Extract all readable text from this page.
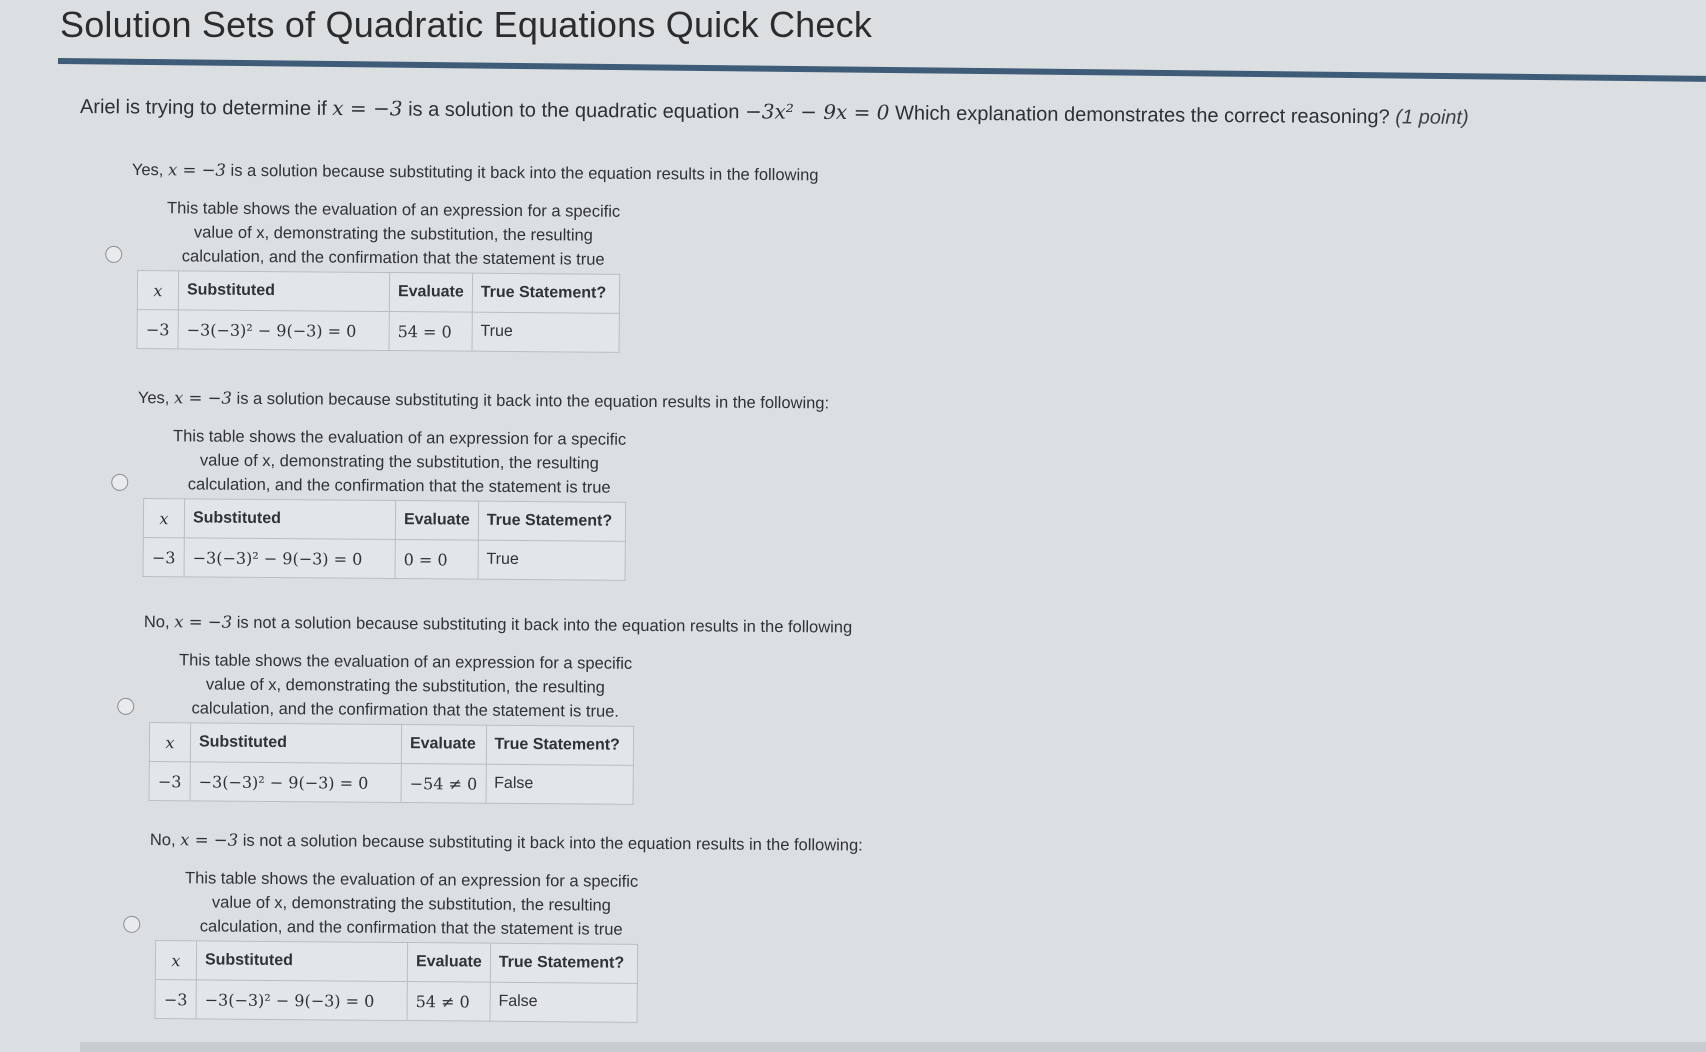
Solution Sets of Quadratic Equations Quick Check
Ariel is trying to determine if x = −3 is a solution to the quadratic equation −3x² − 9x = 0 Which explanation demonstrates the correct reasoning? (1 point)
Yes, x = −3 is a solution because substituting it back into the equation results in the following
This table shows the evaluation of an expression for a specific value of x, demonstrating the substitution, the resulting calculation, and the confirmation that the statement is true
x	Substituted	Evaluate	True Statement?
−3	−3(−3)² − 9(−3) = 0	54 = 0	True
Yes, x = −3 is a solution because substituting it back into the equation results in the following:
This table shows the evaluation of an expression for a specific value of x, demonstrating the substitution, the resulting calculation, and the confirmation that the statement is true
x	Substituted	Evaluate	True Statement?
−3	−3(−3)² − 9(−3) = 0	0 = 0	True
No, x = −3 is not a solution because substituting it back into the equation results in the following
This table shows the evaluation of an expression for a specific value of x, demonstrating the substitution, the resulting calculation, and the confirmation that the statement is true.
x	Substituted	Evaluate	True Statement?
−3	−3(−3)² − 9(−3) = 0	−54 ≠ 0	False
No, x = −3 is not a solution because substituting it back into the equation results in the following:
This table shows the evaluation of an expression for a specific value of x, demonstrating the substitution, the resulting calculation, and the confirmation that the statement is true
x	Substituted	Evaluate	True Statement?
−3	−3(−3)² − 9(−3) = 0	54 ≠ 0	False
